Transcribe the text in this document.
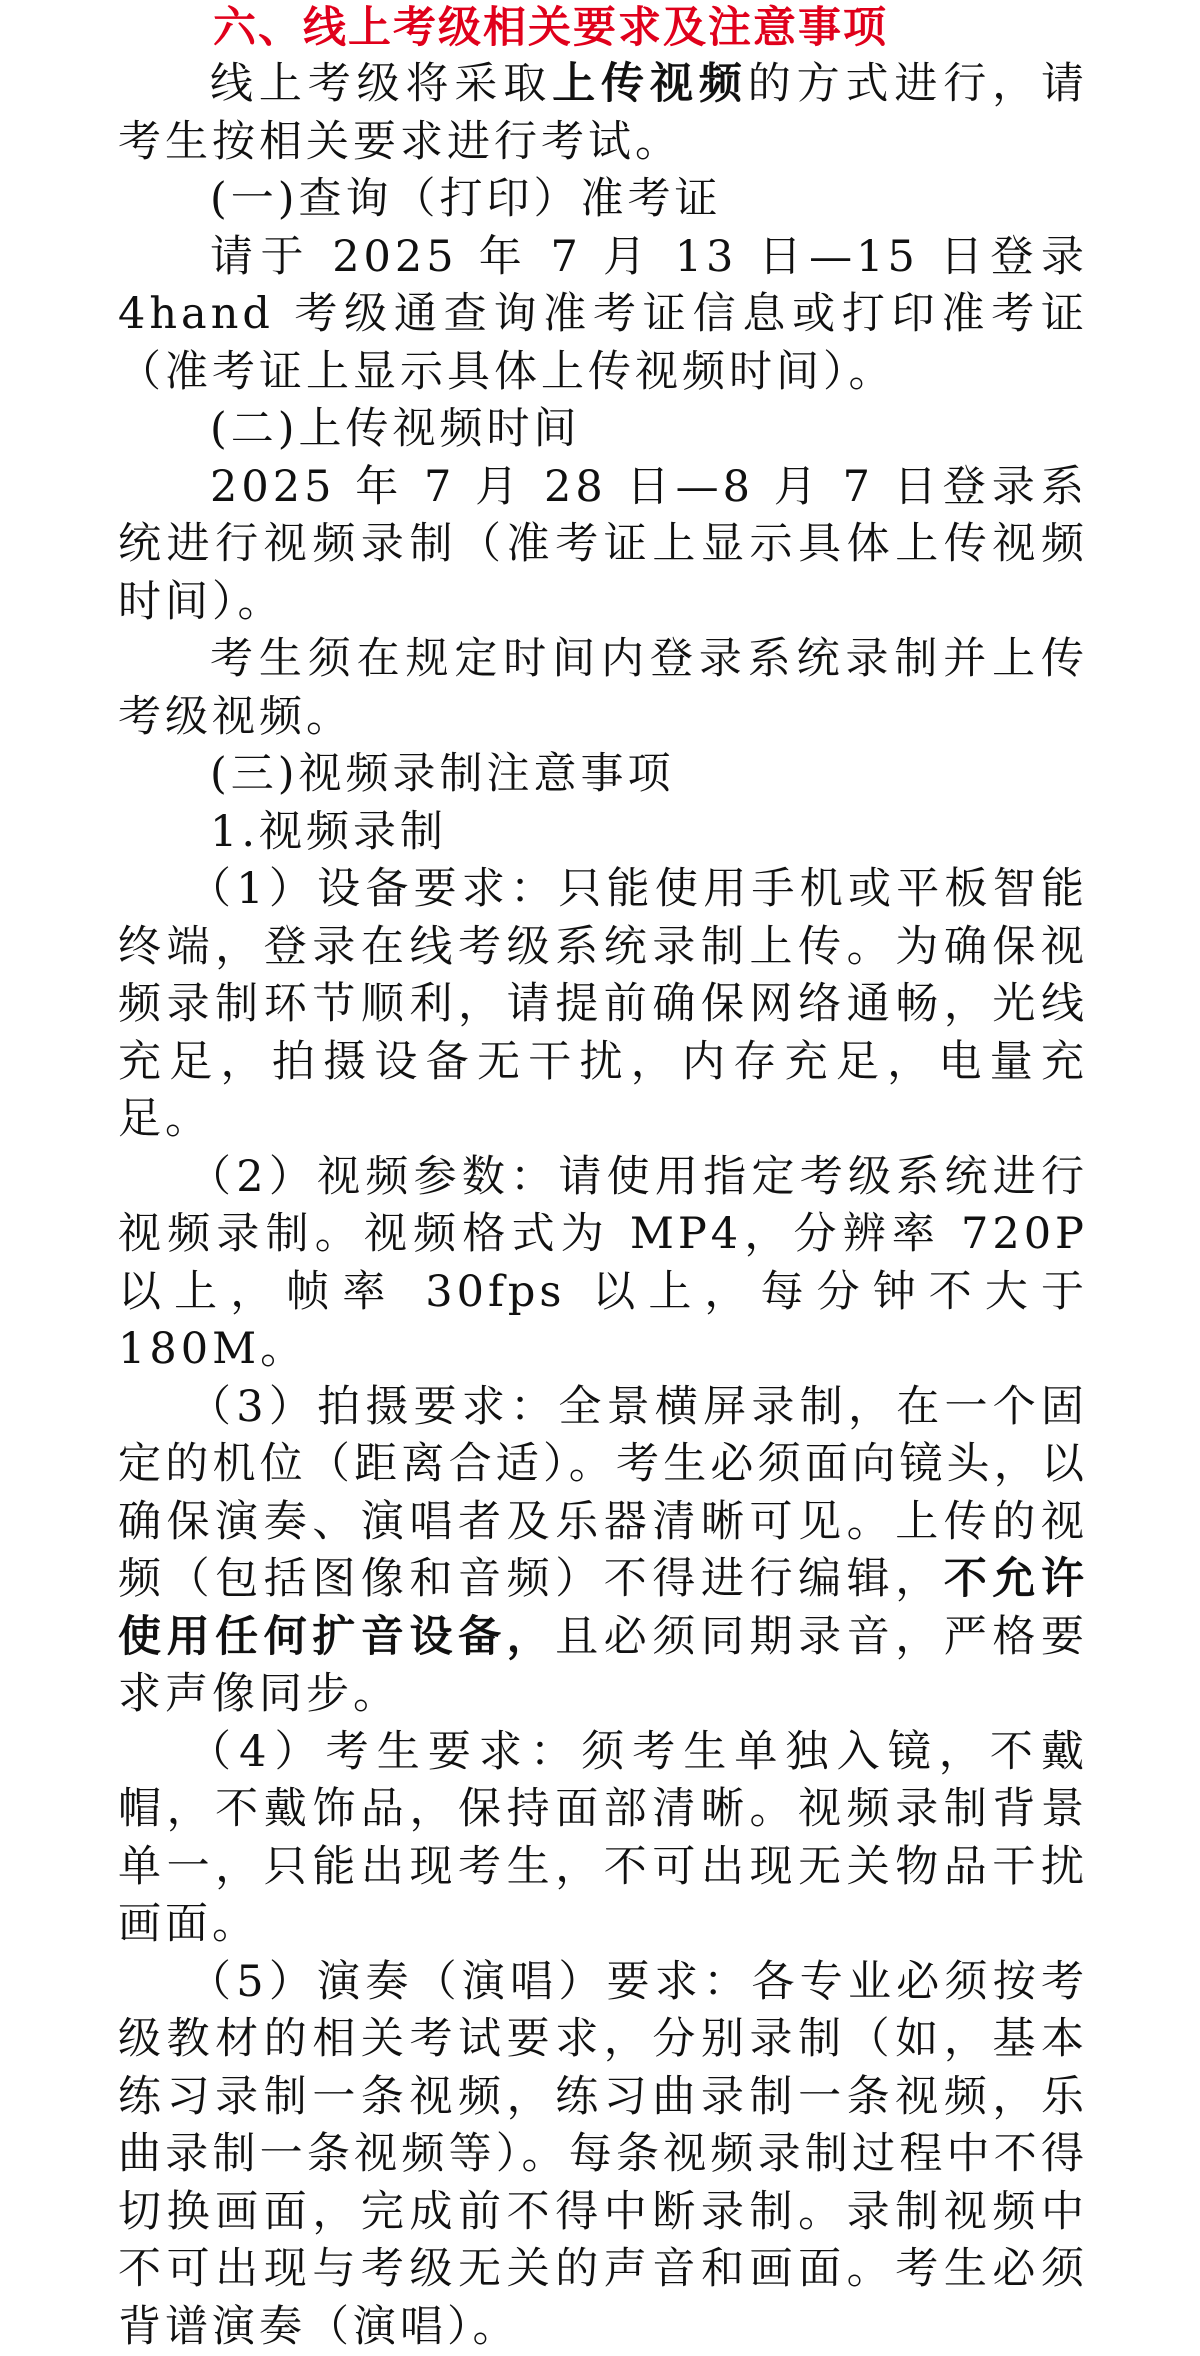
六、线上考级相关要求及注意事项

线上考级将采取上传视频的方式进行，请考生按相关要求进行考试。

(一)查询（打印）准考证

请于 2025 年 7 月 13 日—15 日登录 4hand 考级通查询准考证信息或打印准考证（准考证上显示具体上传视频时间）。

(二)上传视频时间

2025 年 7 月 28 日—8 月 7 日登录系统进行视频录制（准考证上显示具体上传视频时间）。

考生须在规定时间内登录系统录制并上传考级视频。

(三)视频录制注意事项

1.视频录制

（1）设备要求：只能使用手机或平板智能终端，登录在线考级系统录制上传。为确保视频录制环节顺利，请提前确保网络通畅，光线充足，拍摄设备无干扰，内存充足，电量充足。

（2）视频参数：请使用指定考级系统进行视频录制。视频格式为 MP4，分辨率 720P 以上，帧率 30fps 以上，每分钟不大于 180M。

（3）拍摄要求：全景横屏录制，在一个固定的机位（距离合适）。考生必须面向镜头，以确保演奏、演唱者及乐器清晰可见。上传的视频（包括图像和音频）不得进行编辑，不允许使用任何扩音设备，且必须同期录音，严格要求声像同步。

（4）考生要求：须考生单独入镜，不戴帽，不戴饰品，保持面部清晰。视频录制背景单一，只能出现考生，不可出现无关物品干扰画面。

（5）演奏（演唱）要求：各专业必须按考级教材的相关考试要求，分别录制（如，基本练习录制一条视频，练习曲录制一条视频，乐曲录制一条视频等）。每条视频录制过程中不得切换画面，完成前不得中断录制。录制视频中不可出现与考级无关的声音和画面。考生必须背谱演奏（演唱）。
